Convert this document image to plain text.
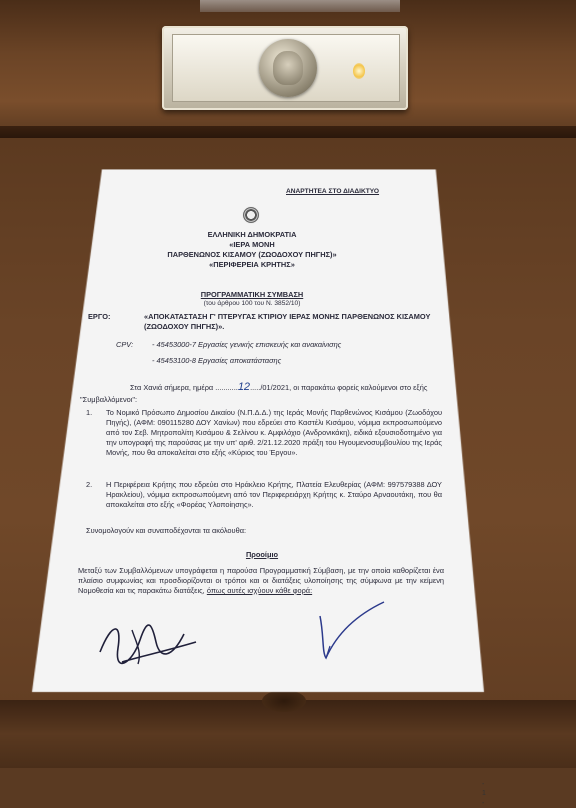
ΑΝΑΡΤΗΤΕΑ ΣΤΟ ΔΙΑΔΙΚΤΥΟ
ΕΛΛΗΝΙΚΗ ΔΗΜΟΚΡΑΤΙΑ
«ΙΕΡΑ ΜΟΝΗ
ΠΑΡΘΕΝΩΝΟΣ ΚΙΣΑΜΟΥ (ΖΩΟΔΟΧΟΥ ΠΗΓΗΣ)»
«ΠΕΡΙΦΕΡΕΙΑ ΚΡΗΤΗΣ»
ΠΡΟΓΡΑΜΜΑΤΙΚΗ ΣΥΜΒΑΣΗ
(του άρθρου 100 του Ν. 3852/10)
ΕΡΓΟ:	«ΑΠΟΚΑΤΑΣΤΑΣΗ Γ' ΠΤΕΡΥΓΑΣ ΚΤΙΡΙΟΥ ΙΕΡΑΣ ΜΟΝΗΣ ΠΑΡΘΕΝΩΝΟΣ ΚΙΣΑΜΟΥ (ΖΩΟΔΟΧΟΥ ΠΗΓΗΣ)».
CPV:	- 45453000-7 Εργασίες γενικής επισκευής και ανακαίνισης
- 45453100-8 Εργασίες αποκατάστασης
Στα Χανιά σήμερα, ημέρα ...........12...../01/2021, οι παρακάτω φορείς καλούμενοι στο εξής "Συμβαλλόμενοι":
1. Το Νομικό Πρόσωπο Δημοσίου Δικαίου (Ν.Π.Δ.Δ.) της Ιεράς Μονής Παρθενώνος Κισάμου (Ζωοδόχου Πηγής), (ΑΦΜ: 090115280 ΔΟΥ Χανίων) που εδρεύει στο Καστέλι Κισάμου, νόμιμα εκπροσωπούμενο από τον Σεβ. Μητροπολίτη Κισάμου & Σελίνου κ. Αμφιλόχιο (Ανδρονικάκη), ειδικά εξουσιοδοτημένο για την υπογραφή της παρούσας με την υπ' αριθ. 2/21.12.2020 πράξη του Ηγουμενοσυμβουλίου της Ιεράς Μονής, που θα αποκαλείται στο εξής «Κύριος του Έργου».
2. Η Περιφέρεια Κρήτης που εδρεύει στο Ηράκλειο Κρήτης, Πλατεία Ελευθερίας (ΑΦΜ: 997579388 ΔΟΥ Ηρακλείου), νόμιμα εκπροσωπούμενη από τον Περιφερειάρχη Κρήτης κ. Σταύρο Αρναουτάκη, που θα αποκαλείται στο εξής «Φορέας Υλοποίησης».
Συνομολογούν και συναποδέχονται τα ακόλουθα:
Προοίμιο
Μεταξύ των Συμβαλλόμενων υπογράφεται η παρούσα Προγραμματική Σύμβαση, με την οποία καθορίζεται ένα πλαίσιο συμφωνίας και προσδιορίζονται οι τρόποι και οι διατάξεις υλοποίησης της σύμφωνα με την κείμενη Νομοθεσία και τις παρακάτω διατάξεις, όπως αυτές ισχύουν κάθε φορά:
- 1 -
